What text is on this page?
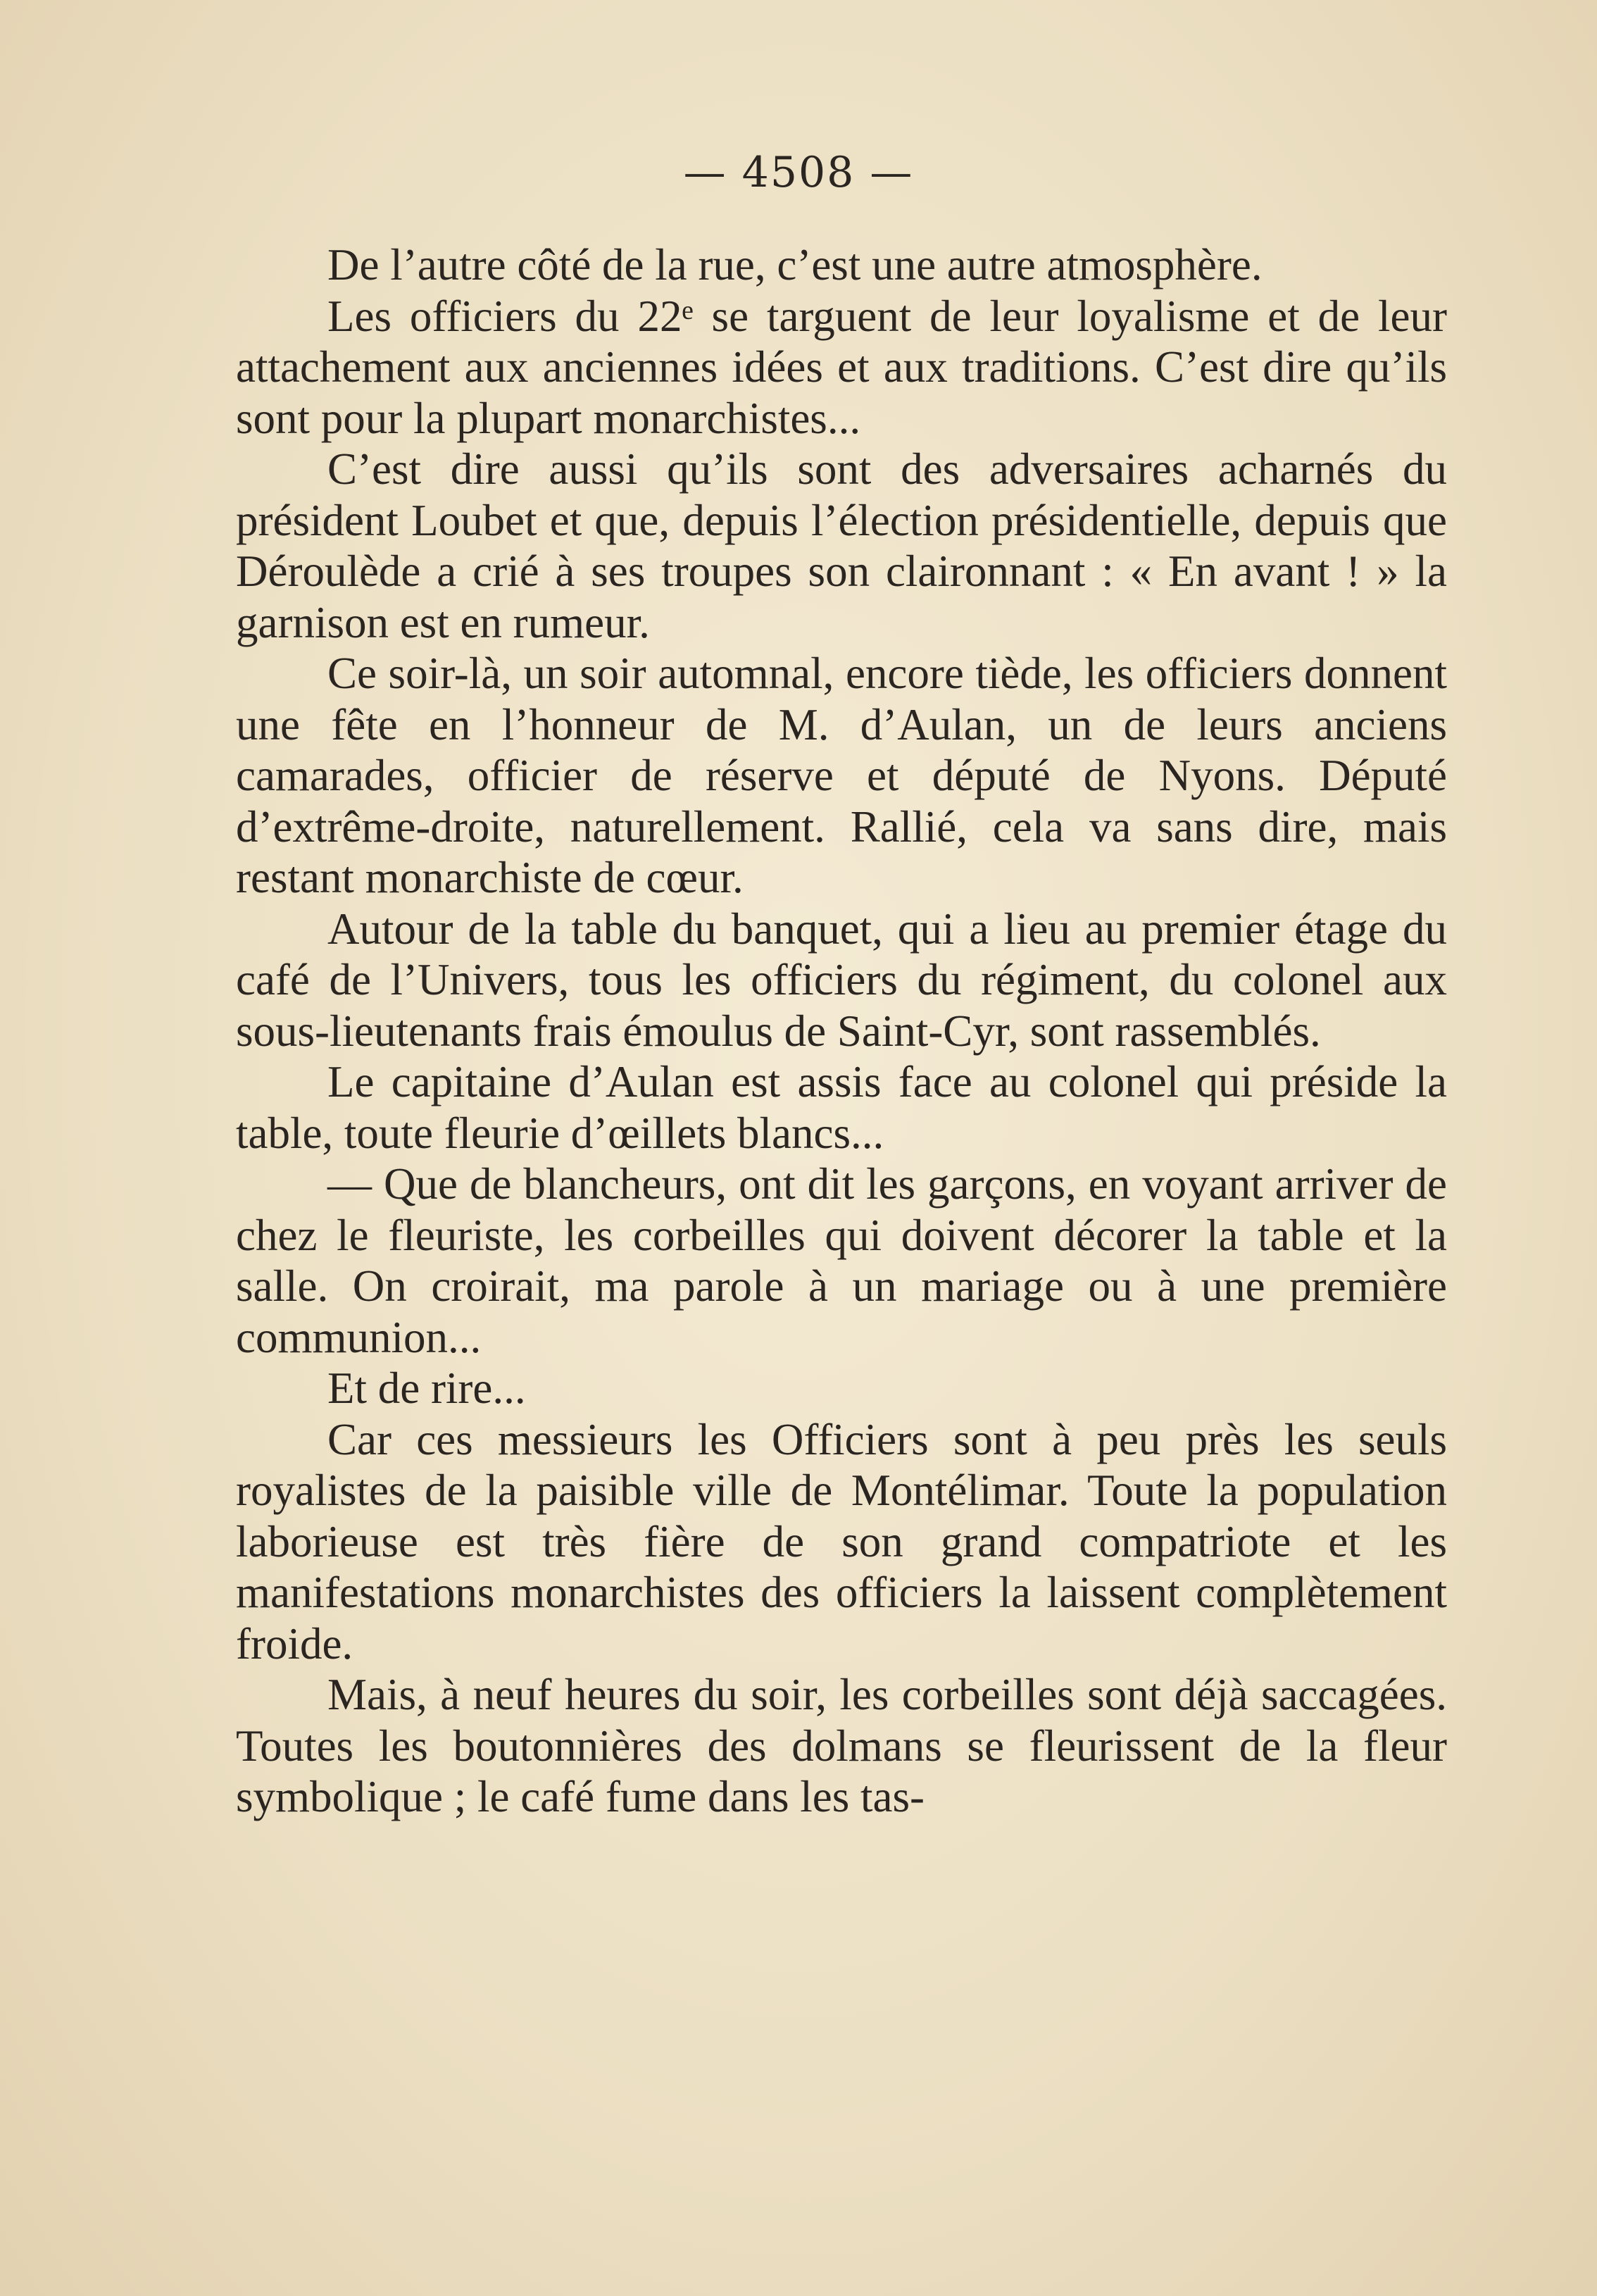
— 4508 —

De l’autre côté de la rue, c’est une autre atmosphère.

Les officiers du 22ᵉ se targuent de leur loyalisme et de leur attachement aux anciennes idées et aux traditions. C’est dire qu’ils sont pour la plupart monarchistes...

C’est dire aussi qu’ils sont des adversaires acharnés du président Loubet et que, depuis l’élection présidentielle, depuis que Déroulède a crié à ses troupes son claironnant : « En avant ! » la garnison est en rumeur.

Ce soir-là, un soir automnal, encore tiède, les officiers donnent une fête en l’honneur de M. d’Aulan, un de leurs anciens camarades, officier de réserve et député de Nyons. Député d’extrême-droite, naturellement. Rallié, cela va sans dire, mais restant monarchiste de cœur.

Autour de la table du banquet, qui a lieu au premier étage du café de l’Univers, tous les officiers du régiment, du colonel aux sous-lieutenants frais émoulus de Saint-Cyr, sont rassemblés.

Le capitaine d’Aulan est assis face au colonel qui préside la table, toute fleurie d’œillets blancs...

— Que de blancheurs, ont dit les garçons, en voyant arriver de chez le fleuriste, les corbeilles qui doivent décorer la table et la salle. On croirait, ma parole à un mariage ou à une première communion...

Et de rire...

Car ces messieurs les Officiers sont à peu près les seuls royalistes de la paisible ville de Montélimar. Toute la population laborieuse est très fière de son grand compatriote et les manifestations monarchistes des officiers la laissent complètement froide.

Mais, à neuf heures du soir, les corbeilles sont déjà saccagées. Toutes les boutonnières des dolmans se fleurissent de la fleur symbolique ; le café fume dans les tas-
